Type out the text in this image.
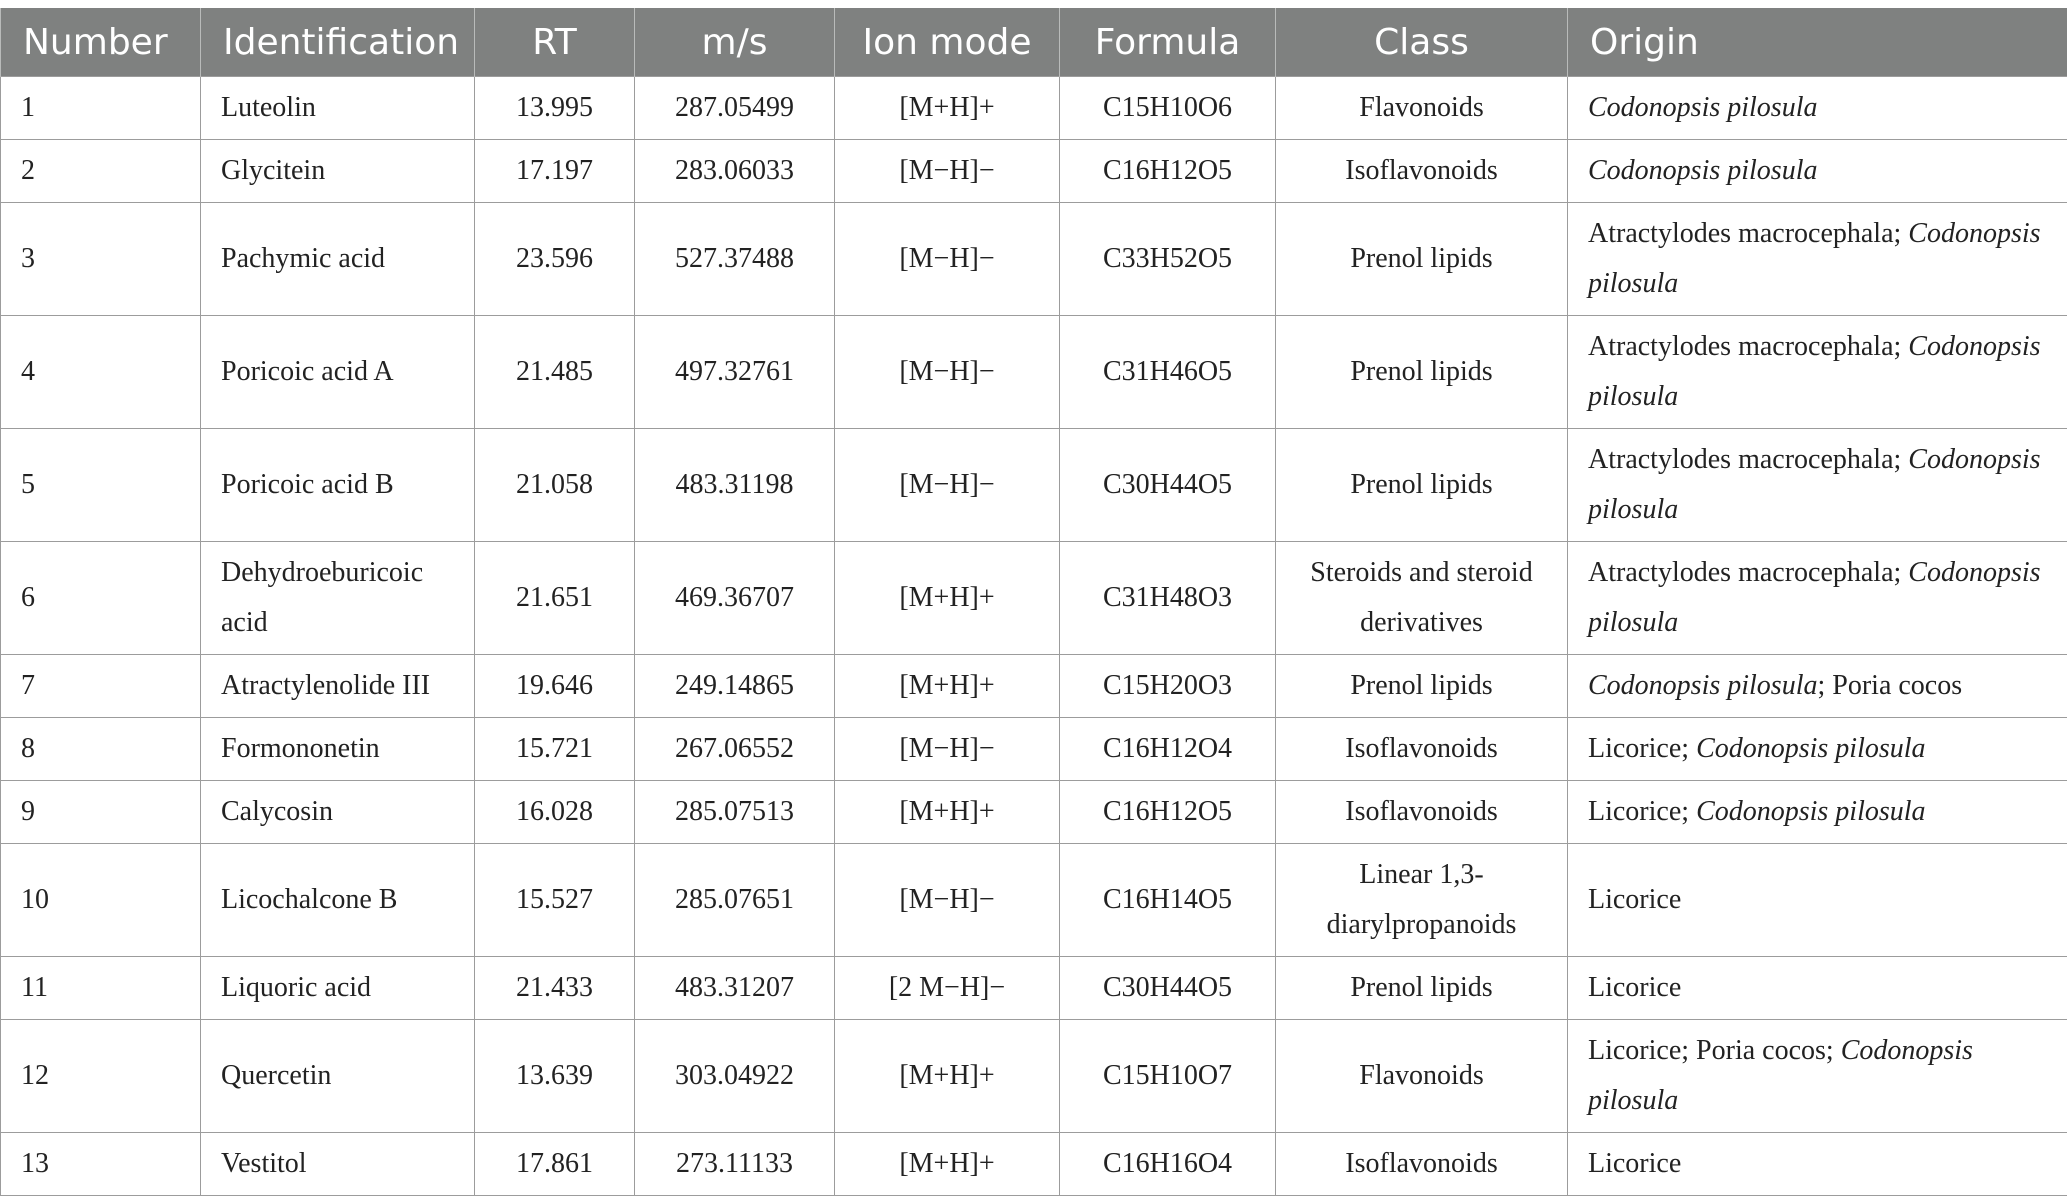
Number	Identification	RT	m/s	Ion mode	Formula	Class	Origin
1	Luteolin	13.995	287.05499	[M+H]+	C15H10O6	Flavonoids	Codonopsis pilosula
2	Glycitein	17.197	283.06033	[M−H]−	C16H12O5	Isoflavonoids	Codonopsis pilosula
3	Pachymic acid	23.596	527.37488	[M−H]−	C33H52O5	Prenol lipids	Atractylodes macrocephala; Codonopsis pilosula
4	Poricoic acid A	21.485	497.32761	[M−H]−	C31H46O5	Prenol lipids	Atractylodes macrocephala; Codonopsis pilosula
5	Poricoic acid B	21.058	483.31198	[M−H]−	C30H44O5	Prenol lipids	Atractylodes macrocephala; Codonopsis pilosula
6	Dehydroeburicoic acid	21.651	469.36707	[M+H]+	C31H48O3	Steroids and steroid derivatives	Atractylodes macrocephala; Codonopsis pilosula
7	Atractylenolide III	19.646	249.14865	[M+H]+	C15H20O3	Prenol lipids	Codonopsis pilosula; Poria cocos
8	Formononetin	15.721	267.06552	[M−H]−	C16H12O4	Isoflavonoids	Licorice; Codonopsis pilosula
9	Calycosin	16.028	285.07513	[M+H]+	C16H12O5	Isoflavonoids	Licorice; Codonopsis pilosula
10	Licochalcone B	15.527	285.07651	[M−H]−	C16H14O5	Linear 1,3-diarylpropanoids	Licorice
11	Liquoric acid	21.433	483.31207	[2 M−H]−	C30H44O5	Prenol lipids	Licorice
12	Quercetin	13.639	303.04922	[M+H]+	C15H10O7	Flavonoids	Licorice; Poria cocos; Codonopsis pilosula
13	Vestitol	17.861	273.11133	[M+H]+	C16H16O4	Isoflavonoids	Licorice
